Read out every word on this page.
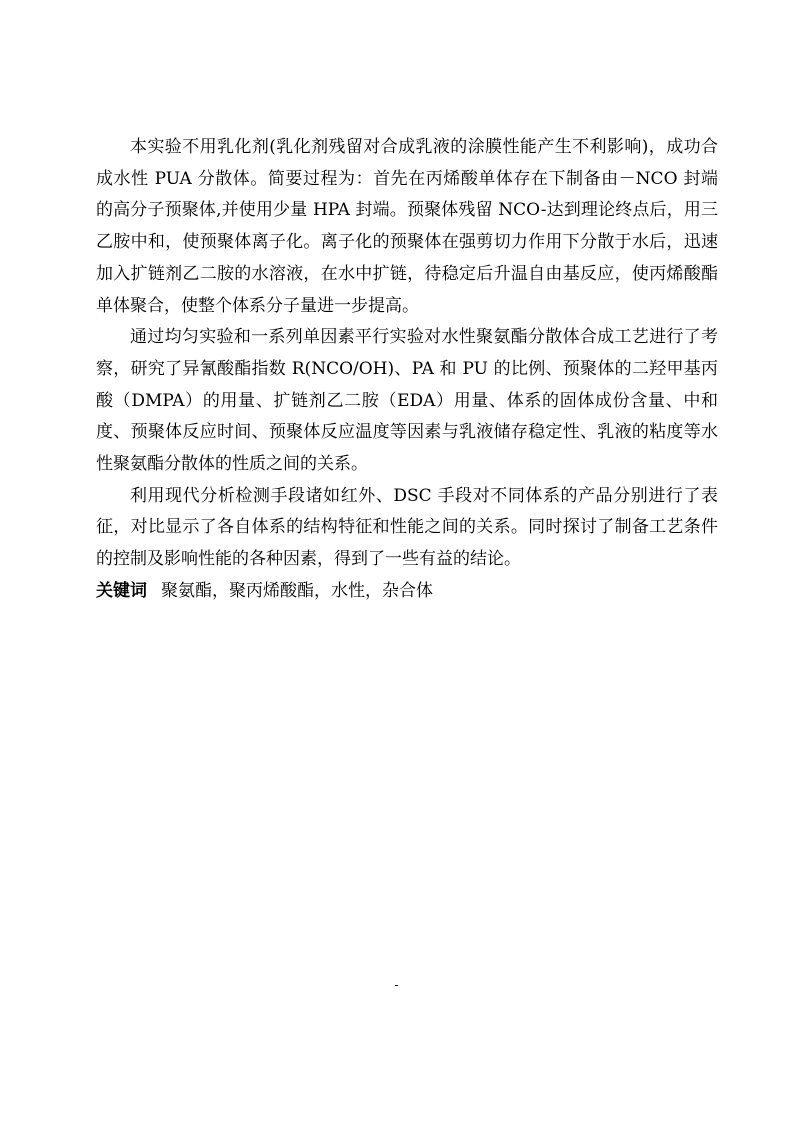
本实验不用乳化剂(乳化剂残留对合成乳液的涂膜性能产生不利影响)，成功合成水性 PUA 分散体。简要过程为：首先在丙烯酸单体存在下制备由－NCO 封端的高分子预聚体,并使用少量 HPA 封端。预聚体残留 NCO-达到理论终点后，用三乙胺中和，使预聚体离子化。离子化的预聚体在强剪切力作用下分散于水后，迅速加入扩链剂乙二胺的水溶液，在水中扩链，待稳定后升温自由基反应，使丙烯酸酯单体聚合，使整个体系分子量进一步提高。

通过均匀实验和一系列单因素平行实验对水性聚氨酯分散体合成工艺进行了考察，研究了异氰酸酯指数 R(NCO/OH)、PA 和 PU 的比例、预聚体的二羟甲基丙酸（DMPA）的用量、扩链剂乙二胺（EDA）用量、体系的固体成份含量、中和度、预聚体反应时间、预聚体反应温度等因素与乳液储存稳定性、乳液的粘度等水性聚氨酯分散体的性质之间的关系。

利用现代分析检测手段诸如红外、DSC 手段对不同体系的产品分别进行了表征，对比显示了各自体系的结构特征和性能之间的关系。同时探讨了制备工艺条件的控制及影响性能的各种因素，得到了一些有益的结论。

关键词 聚氨酯，聚丙烯酸酯，水性，杂合体

-
